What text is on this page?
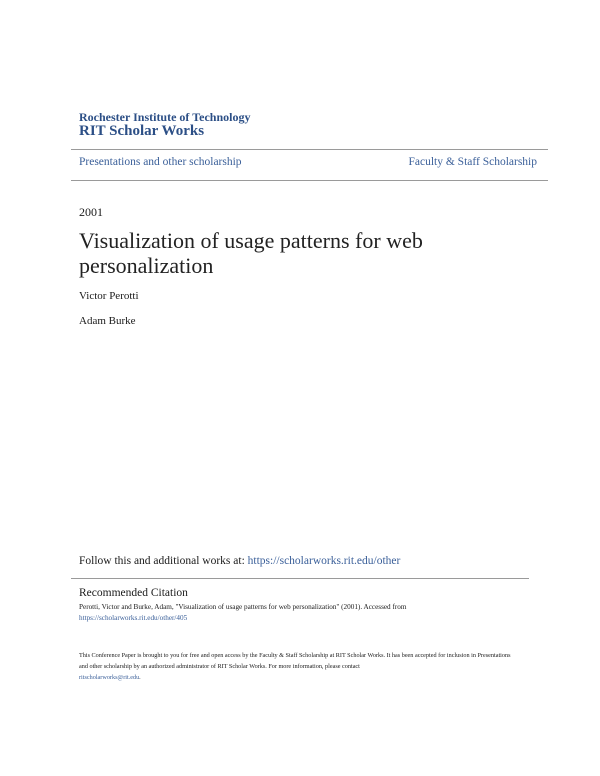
Rochester Institute of Technology
RIT Scholar Works
Presentations and other scholarship	Faculty & Staff Scholarship
2001
Visualization of usage patterns for web personalization
Victor Perotti
Adam Burke
Follow this and additional works at: https://scholarworks.rit.edu/other
Recommended Citation
Perotti, Victor and Burke, Adam, "Visualization of usage patterns for web personalization" (2001). Accessed from
https://scholarworks.rit.edu/other/405
This Conference Paper is brought to you for free and open access by the Faculty & Staff Scholarship at RIT Scholar Works. It has been accepted for inclusion in Presentations and other scholarship by an authorized administrator of RIT Scholar Works. For more information, please contact
ritscholarworks@rit.edu.
